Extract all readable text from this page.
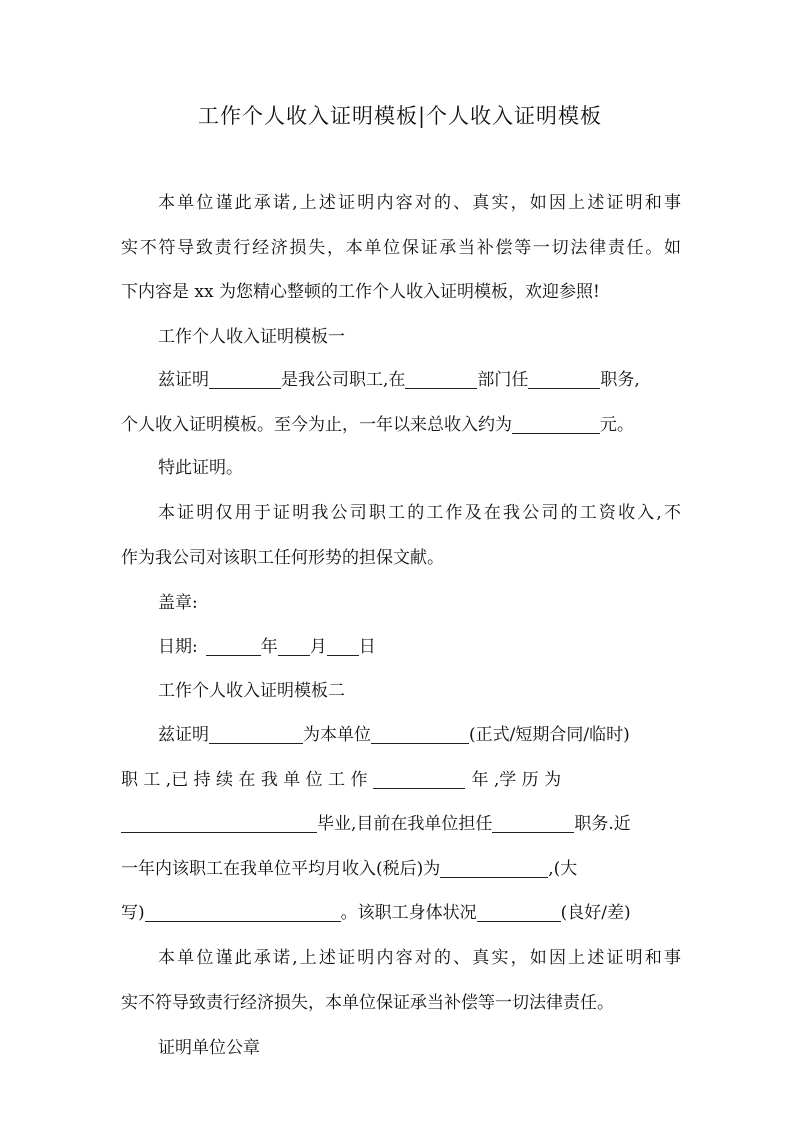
工作个人收入证明模板|个人收入证明模板

本单位谨此承诺,上述证明内容对的、真实，如因上述证明和事

实不符导致责行经济损失，本单位保证承当补偿等一切法律责任。如

下内容是 xx 为您精心整顿的工作个人收入证明模板，欢迎参照!

工作个人收入证明模板一

兹证明	是我公司职工,在	部门任	职务,

个人收入证明模板。至今为止，一年以来总收入约为	元。

特此证明。

本证明仅用于证明我公司职工的工作及在我公司的工资收入,不

作为我公司对该职工任何形势的担保文献。

盖章:

日期:	年 月 日

工作个人收入证明模板二

兹证明	为本单位	(正式/短期合同/临时)

职 工 ,已 持 续 在 我 单 位 工 作	年 ,学 历 为

毕业,目前在我单位担任	职务.近

一年内该职工在我单位平均月收入(税后)为	,(大

写)	。该职工身体状况	(良好/差)

本单位谨此承诺,上述证明内容对的、真实，如因上述证明和事

实不符导致责行经济损失，本单位保证承当补偿等一切法律责任。

证明单位公章
